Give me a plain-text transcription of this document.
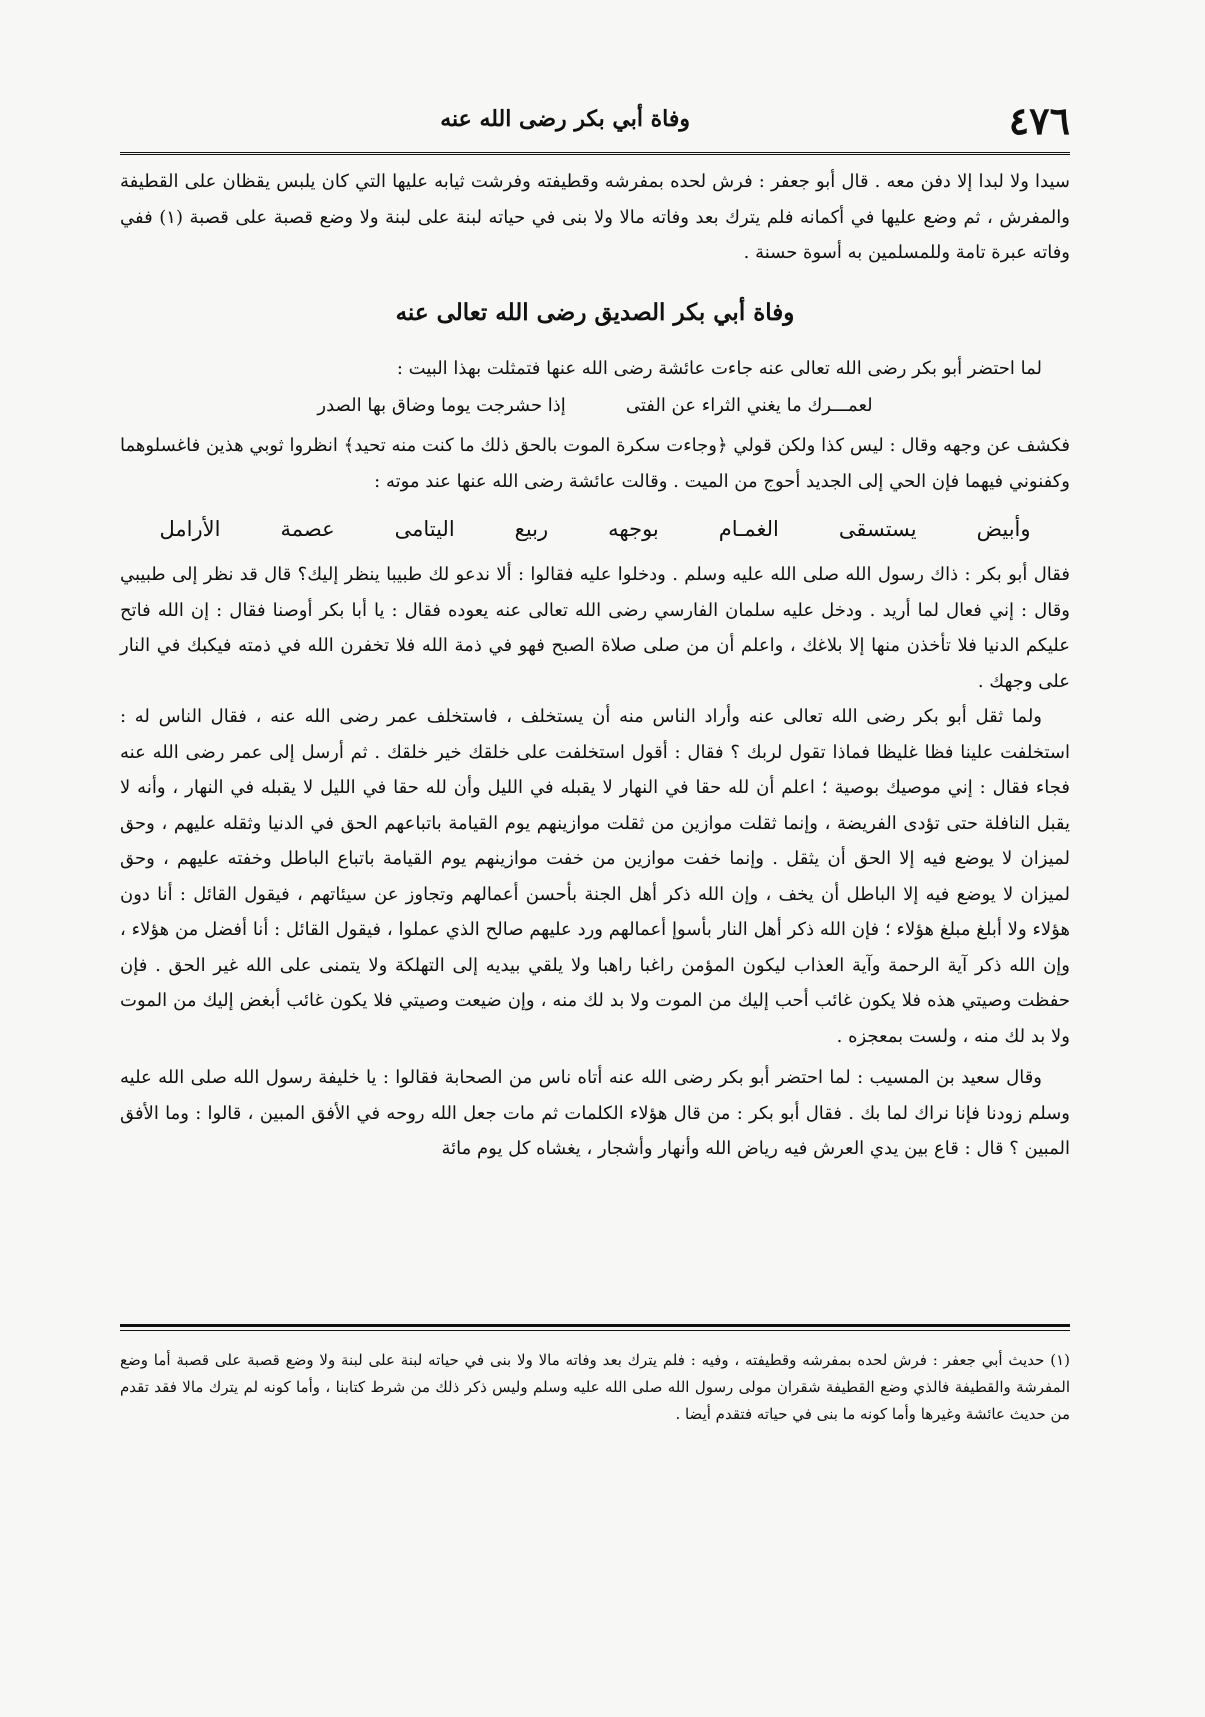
٤٧٦
وفاة أبي بكر رضى الله عنه

سيدا ولا لبدا إلا دفن معه . قال أبو جعفر : فرش لحده بمفرشه وقطيفته وفرشت ثيابه عليها التي كان يلبس يقظان على القطيفة والمفرش ، ثم وضع عليها في أكمانه فلم يترك بعد وفاته مالا ولا بنى في حياته لبنة على لبنة ولا وضع قصبة على قصبة (١) ففي وفاته عبرة تامة وللمسلمين به أسوة حسنة .

وفاة أبي بكر الصديق رضى الله تعالى عنه

لما احتضر أبو بكر رضى الله تعالى عنه جاءت عائشة رضى الله عنها فتمثلت بهذا البيت :

لعمـــرك ما يغني الثراء عن الفتى
إذا حشرجت يوما وضاق بها الصدر

فكشف عن وجهه وقال : ليس كذا ولكن قولي ﴿وجاءت سكرة الموت بالحق ذلك ما كنت منه تحيد﴾ انظروا ثوبي هذين فاغسلوهما وكفنوني فيهما فإن الحي إلى الجديد أحوج من الميت . وقالت عائشة رضى الله عنها عند موته :

وأبيض
يستسقى
الغمـام
بوجهه
ربيع
اليتامى
عصمة
الأرامل

فقال أبو بكر : ذاك رسول الله صلى الله عليه وسلم . ودخلوا عليه فقالوا : ألا ندعو لك طبيبا ينظر إليك؟ قال قد نظر إلى طبيبي وقال : إني فعال لما أريد . ودخل عليه سلمان الفارسي رضى الله تعالى عنه يعوده فقال : يا أبا بكر أوصنا فقال : إن الله فاتح عليكم الدنيا فلا تأخذن منها إلا بلاغك ، واعلم أن من صلى صلاة الصبح فهو في ذمة الله فلا تخفرن الله في ذمته فيكبك في النار على وجهك .

ولما ثقل أبو بكر رضى الله تعالى عنه وأراد الناس منه أن يستخلف ، فاستخلف عمر رضى الله عنه ، فقال الناس له : استخلفت علينا فظا غليظا فماذا تقول لربك ؟ فقال : أقول استخلفت على خلقك خير خلقك . ثم أرسل إلى عمر رضى الله عنه فجاء فقال : إني موصيك بوصية ؛ اعلم أن لله حقا في النهار لا يقبله في الليل وأن لله حقا في الليل لا يقبله في النهار ، وأنه لا يقبل النافلة حتى تؤدى الفريضة ، وإنما ثقلت موازين من ثقلت موازينهم يوم القيامة باتباعهم الحق في الدنيا وثقله عليهم ، وحق لميزان لا يوضع فيه إلا الحق أن يثقل . وإنما خفت موازين من خفت موازينهم يوم القيامة باتباع الباطل وخفته عليهم ، وحق لميزان لا يوضع فيه إلا الباطل أن يخف ، وإن الله ذكر أهل الجنة بأحسن أعمالهم وتجاوز عن سيئاتهم ، فيقول القائل : أنا دون هؤلاء ولا أبلغ مبلغ هؤلاء ؛ فإن الله ذكر أهل النار بأسوإ أعمالهم ورد عليهم صالح الذي عملوا ، فيقول القائل : أنا أفضل من هؤلاء ، وإن الله ذكر آية الرحمة وآية العذاب ليكون المؤمن راغبا راهبا ولا يلقي بيديه إلى التهلكة ولا يتمنى على الله غير الحق . فإن حفظت وصيتي هذه فلا يكون غائب أحب إليك من الموت ولا بد لك منه ، وإن ضيعت وصيتي فلا يكون غائب أبغض إليك من الموت ولا بد لك منه ، ولست بمعجزه .

وقال سعيد بن المسيب : لما احتضر أبو بكر رضى الله عنه أتاه ناس من الصحابة فقالوا : يا خليفة رسول الله صلى الله عليه وسلم زودنا فإنا نراك لما بك . فقال أبو بكر : من قال هؤلاء الكلمات ثم مات جعل الله روحه في الأفق المبين ، قالوا : وما الأفق المبين ؟ قال : قاع بين يدي العرش فيه رياض الله وأنهار وأشجار ، يغشاه كل يوم مائة

(١) حديث أبي جعفر : فرش لحده بمفرشه وقطيفته ، وفيه : فلم يترك بعد وفاته مالا ولا بنى في حياته لبنة على لبنة ولا وضع قصبة على قصبة أما وضع المفرشة والقطيفة فالذي وضع القطيفة شقران مولى رسول الله صلى الله عليه وسلم وليس ذكر ذلك من شرط كتابنا ، وأما كونه لم يترك مالا فقد تقدم من حديث عائشة وغيرها وأما كونه ما بنى في حياته فتقدم أيضا .
